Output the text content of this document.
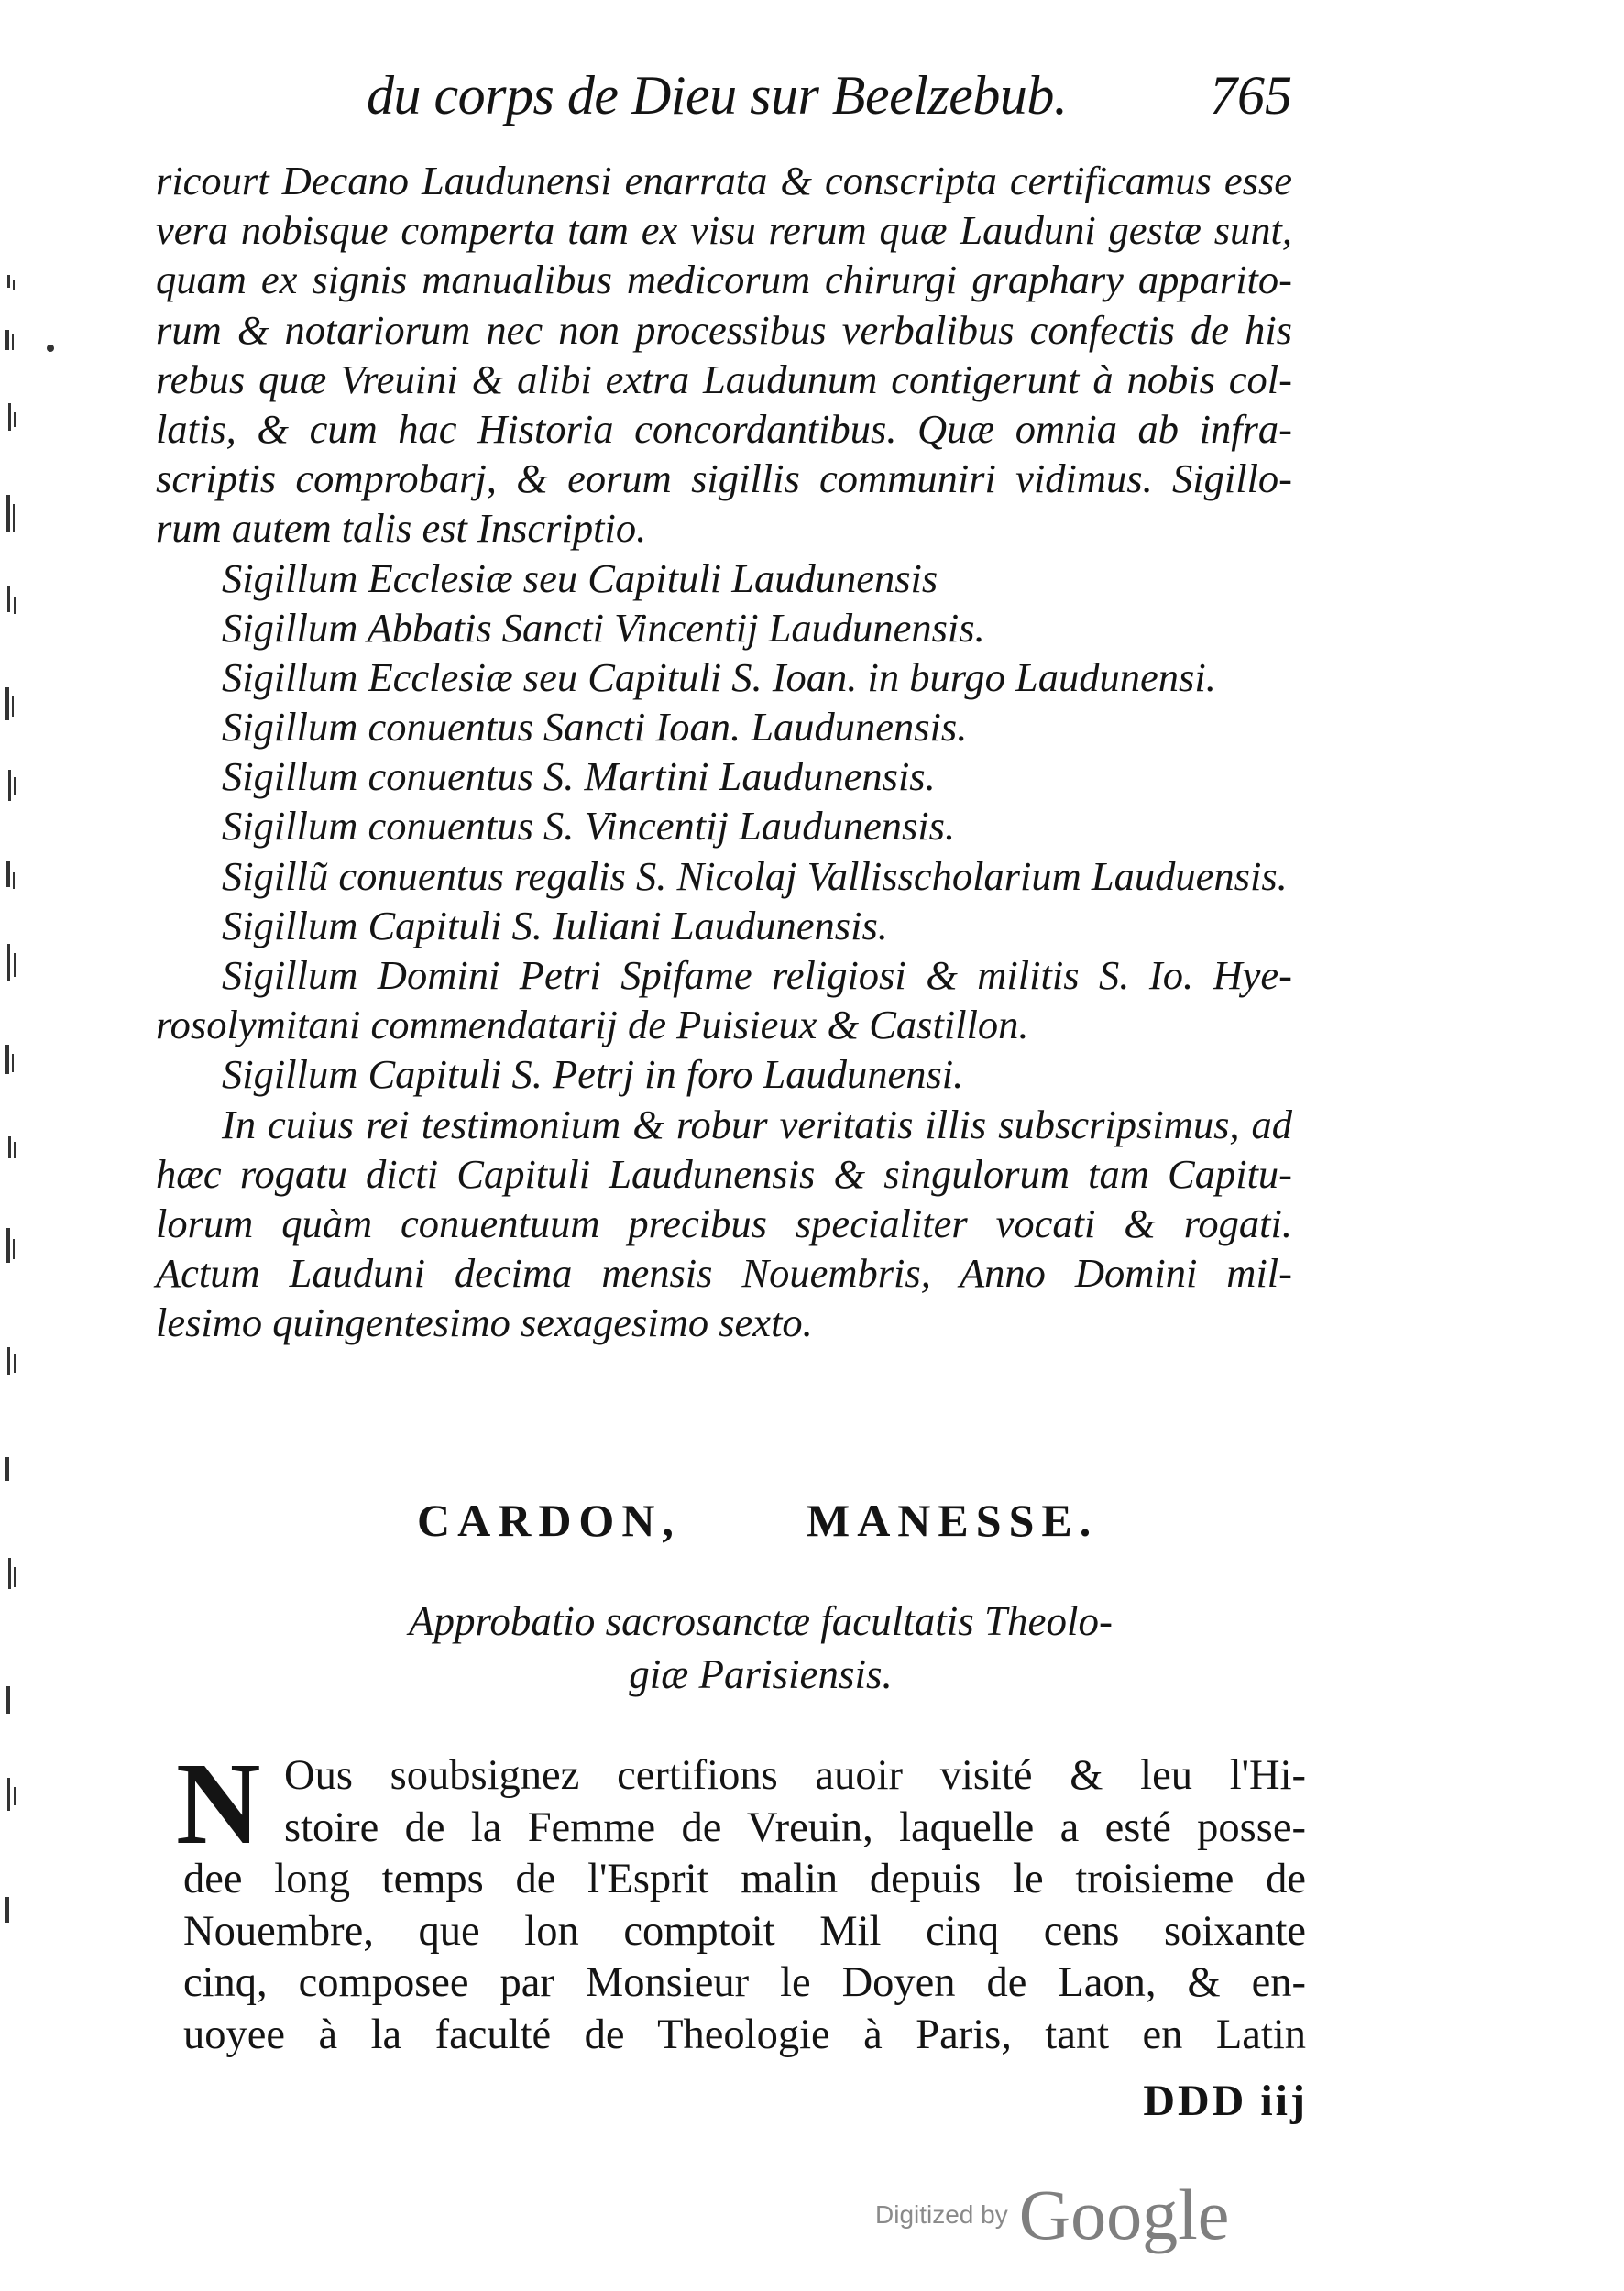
du corps de Dieu sur Beelzebub.	765
ricourt Decano Laudunensi enarrata & conscripta certificamus esse
vera nobisque comperta tam ex visu rerum quæ Lauduni gestæ sunt,
quam ex signis manualibus medicorum chirurgi graphary apparito-
rum & notariorum nec non processibus verbalibus confectis de his
rebus quæ Vreuini & alibi extra Laudunum contigerunt à nobis col-
latis, & cum hac Historia concordantibus. Quæ omnia ab infra-
scriptis comprobarj, & eorum sigillis communiri vidimus. Sigillo-
rum autem talis est Inscriptio.
Sigillum Ecclesiæ seu Capituli Laudunensis
Sigillum Abbatis Sancti Vincentij Laudunensis.
Sigillum Ecclesiæ seu Capituli S. Ioan. in burgo Laudunensi.
Sigillum conuentus Sancti Ioan. Laudunensis.
Sigillum conuentus S. Martini Laudunensis.
Sigillum conuentus S. Vincentij Laudunensis.
Sigillũ conuentus regalis S. Nicolaj Vallisscholarium Lauduensis.
Sigillum Capituli S. Iuliani Laudunensis.
Sigillum Domini Petri Spifame religiosi & militis S. Io. Hye-
rosolymitani commendatarij de Puisieux & Castillon.
Sigillum Capituli S. Petrj in foro Laudunensi.
In cuius rei testimonium & robur veritatis illis subscripsimus, ad
hæc rogatu dicti Capituli Laudunensis & singulorum tam Capitu-
lorum quàm conuentuum precibus specialiter vocati & rogati.
Actum Lauduni decima mensis Nouembris, Anno Domini mil-
lesimo quingentesimo sexagesimo sexto.
CARDON,	MANESSE.
Approbatio sacrosanctæ facultatis Theolo-
giæ Parisiensis.
N Ous soubsignez certifions auoir visité & leu l'Hi-
stoire de la Femme de Vreuin, laquelle a esté posse-
dee long temps de l'Esprit malin depuis le troisieme de
Nouembre, que lon comptoit Mil cinq cens soixante
cinq, composee par Monsieur le Doyen de Laon, & en-
uoyee à la faculté de Theologie à Paris, tant en Latin
DDD iij
Digitized by Google
